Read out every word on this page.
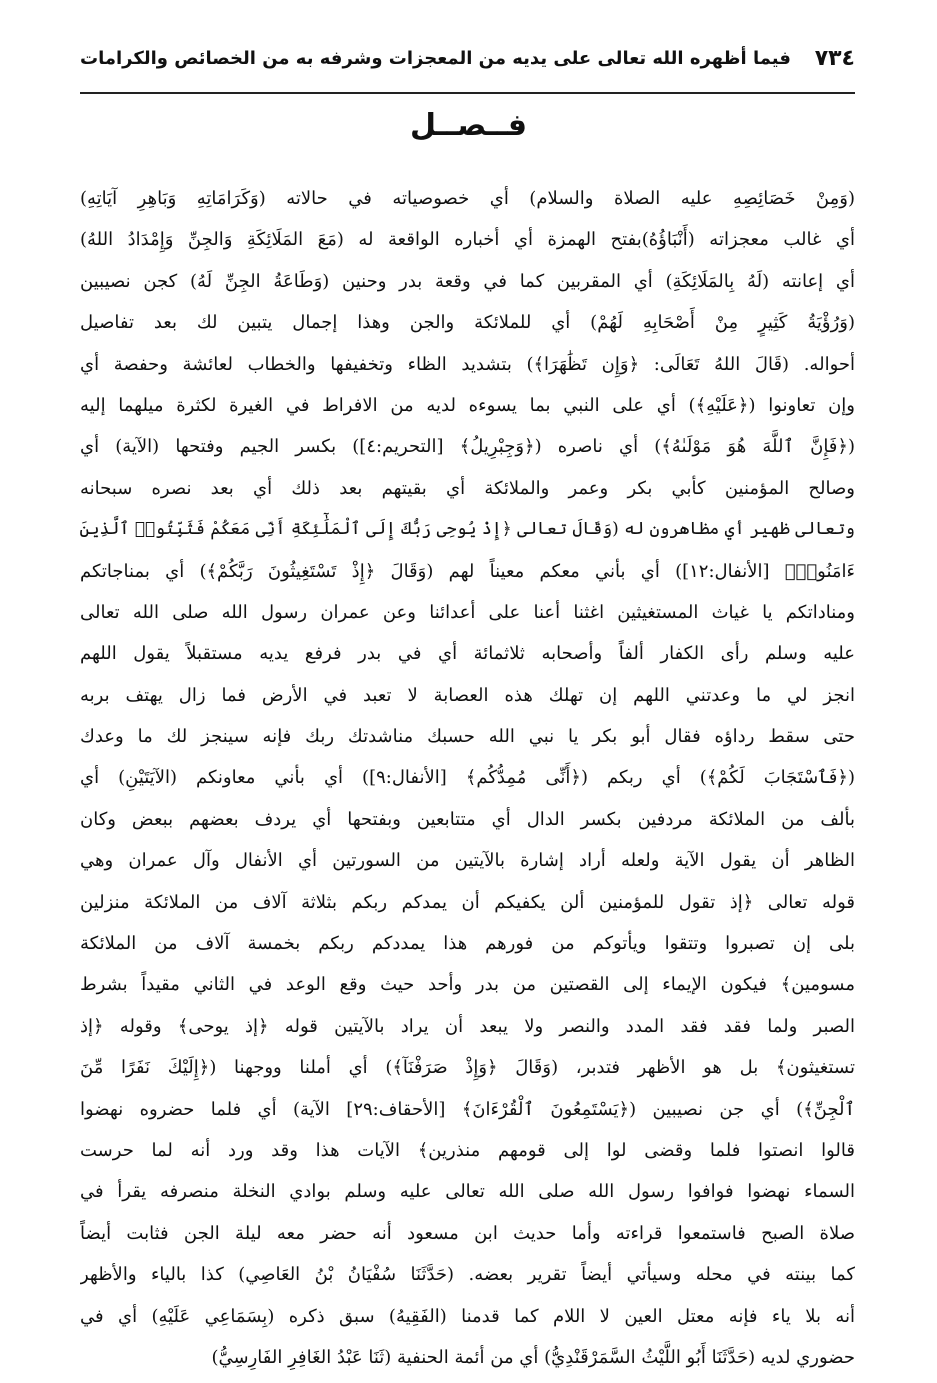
٧٣٤
فيما أظهره الله تعالى على يديه من المعجزات وشرفه به من الخصائص والكرامات
فــصــل
(وَمِنْ خَصَائِصِهِ عليه الصلاة والسلام) أي خصوصياته في حالاته (وَكَرَامَاتِهِ وَبَاهِرِ آيَاتِهِ)
أي غالب معجزاته (أَنْبَاؤُهُ)بفتح الهمزة أي أخباره الواقعة له (مَعَ المَلَائِكَةِ وَالجِنِّ وَإِمْدَادُ اللهُ)
أي إعانته (لَهُ بِالمَلَائِكَةِ) أي المقربين كما في وقعة بدر وحنين (وَطَاعَةُ الجِنِّ لَهُ) كجن نصيبين
(وَرُؤْيَةُ كَثِيرٍ مِنْ أَصْحَابِهِ لَهُمْ) أي للملائكة والجن وهذا إجمال يتبين لك بعد تفاصيل
أحواله. (قَالَ اللهُ تَعَالَى: ﴿وَإِن تَظَٰهَرَا﴾) بتشديد الظاء وتخفيفها والخطاب لعائشة وحفصة أي
وإن تعاونوا (﴿عَلَيْهِ﴾) أي على النبي بما يسوءه لديه من الافراط في الغيرة لكثرة ميلهما إليه
(﴿فَإِنَّ ٱللَّهَ هُوَ مَوْلَىٰهُ﴾) أي ناصره (﴿وَجِبْرِيلُ﴾ [التحريم:٤]) بكسر الجيم وفتحها (الآية) أي
وصالح المؤمنين كأبي بكر وعمر والملائكة أي بقيتهم بعد ذلك أي بعد نصره سبحانه
وتعالى ظهير أي مظاهرون له (وَقَالَ تعالى ﴿إِذْ يُوحِى رَبُّكَ إِلَى ٱلْمَلَٰٓئِكَةِ أَنِّى مَعَكُمْ فَثَبِّتُوا۟ ٱلَّذِينَ
ءَامَنُوا۟﴾ [الأنفال:١٢]) أي بأني معكم معيناً لهم (وَقَالَ ﴿إِذْ تَسْتَغِيثُونَ رَبَّكُمْ﴾) أي بمناجاتكم
ومناداتكم يا غياث المستغيثين اغثنا أعنا على أعدائنا وعن عمران رسول الله صلى الله تعالى
عليه وسلم رأى الكفار ألفاً وأصحابه ثلاثمائة أي في بدر فرفع يديه مستقبلاً يقول اللهم
انجز لي ما وعدتني اللهم إن تهلك هذه العصابة لا تعبد في الأرض فما زال يهتف بربه
حتى سقط رداؤه فقال أبو بكر يا نبي الله حسبك مناشدتك ربك فإنه سينجز لك ما وعدك
(﴿فَٱسْتَجَابَ لَكُمْ﴾) أي ربكم (﴿أَنِّى مُمِدُّكُم﴾ [الأنفال:٩]) أي بأني معاونكم (الآيَتَيْنِ) أي
بألف من الملائكة مردفين بكسر الدال أي متتابعين وبفتحها أي يردف بعضهم ببعض وكان
الظاهر أن يقول الآية ولعله أراد إشارة بالآيتين من السورتين أي الأنفال وآل عمران وهي
قوله تعالى ﴿إذ تقول للمؤمنين ألن يكفيكم أن يمدكم ربكم بثلاثة آلاف من الملائكة منزلين
بلى إن تصبروا وتتقوا ويأتوكم من فورهم هذا يمددكم ربكم بخمسة آلاف من الملائكة
مسومين﴾ فيكون الإيماء إلى القصتين من بدر وأحد حيث وقع الوعد في الثاني مقيداً بشرط
الصبر ولما فقد فقد المدد والنصر ولا يبعد أن يراد بالآيتين قوله ﴿إذ يوحى﴾ وقوله ﴿إذ
تستغيثون﴾ بل هو الأظهر فتدبر، (وَقَالَ ﴿وَإِذْ صَرَفْنَآ﴾) أي أملنا ووجهنا (﴿إِلَيْكَ نَفَرًا مِّنَ
ٱلْجِنِّ﴾) أي جن نصيبين (﴿يَسْتَمِعُونَ ٱلْقُرْءَانَ﴾ [الأحقاف:٢٩] الآية) أي فلما حضروه نهضوا
قالوا انصتوا فلما وقضى لوا إلى قومهم منذرين﴾ الآيات هذا وقد ورد أنه لما حرست
السماء نهضوا فوافوا رسول الله صلى الله تعالى عليه وسلم بوادي النخلة منصرفه يقرأ في
صلاة الصبح فاستمعوا قراءته وأما حديث ابن مسعود أنه حضر معه ليلة الجن فثابت أيضاً
كما بينته في محله وسيأتي أيضاً تقرير بعضه. (حَدَّثَنَا سُفْيَانُ بْنُ العَاصِي) كذا بالياء والأظهر
أنه بلا ياء فإنه معتل العين لا اللام كما قدمنا (الفَقِيهُ) سبق ذكره (بِسَمَاعِي عَلَيْهِ) أي في
حضوري لديه (حَدَّثَنَا أَبُو اللَّيْثُ السَّمَرْقَنْدِيُّ) أي من أئمة الحنفية (ثَنَا عَبْدُ الغَافِرِ الفَارِسِيُّ)
